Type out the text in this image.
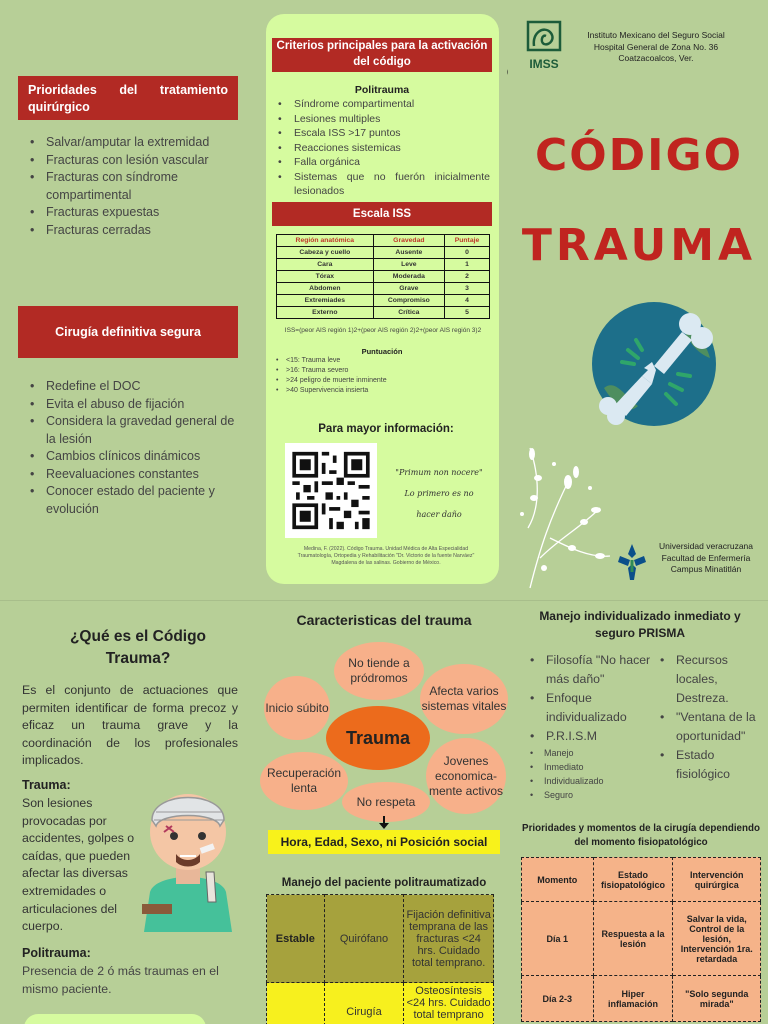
Prioridades del tratamiento quirúrgico
• Salvar/amputar la extremidad
• Fracturas con lesión vascular
• Fracturas con síndrome compartimental
• Fracturas expuestas
• Fracturas cerradas
Cirugía definitiva segura
• Redefine el DOC
• Evita el abuso de fijación
• Considera la gravedad general de la lesión
• Cambios clínicos dinámicos
• Reevaluaciones constantes
• Conocer estado del paciente y evolución
Criterios principales para la activación del código
Politrauma
• Síndrome compartimental
• Lesiones multiples
• Escala ISS >17 puntos
• Reacciones sistemicas
• Falla orgánica
• Sistemas que no fuerón inicialmente lesionados
Escala ISS
Región anatómica	Gravedad	Puntaje
Cabeza y cuello	Ausente	0
Cara	Leve	1
Tórax	Moderada	2
Abdomen	Grave	3
Extremiades	Compromiso	4
Externo	Crítica	5
ISS=(peor AIS región 1)2+(peor AIS región 2)2+(peor AIS región 3)2
Puntuación
• <15: Trauma leve
• >16: Trauma severo
• >24 peligro de muerte inminente
• >40 Supervivencia insierta
Para mayor información:
"Primum non nocere"
Lo primero es no
hacer daño
Medina, F. (2022). Código Trauma. Unidad Médica de Alta Especialidad Traumatología, Ortopedia y Rehabilitación "Dr. Victorio de la fuente Narváez" Magdalena de las salinas. Gobierno de México.
IMSS
Instituto Mexicano del Seguro Social
Hospital General de Zona No. 36
Coatzacoalcos, Ver.
CÓDIGO
TRAUMA
Universidad veracruzana
Facultad de Enfermería
Campus Minatitlán
¿Qué es el Código Trauma?
Es el conjunto de actuaciones que permiten identificar de forma precoz y eficaz un trauma grave y la coordinación de los profesionales implicados.
Trauma:
Son lesiones provocadas por accidentes, golpes o caídas, que pueden afectar las diversas extremidades o articulaciones del cuerpo.
Politrauma:
Presencia de 2 ó más traumas en el mismo paciente.
Caracteristicas del trauma
No tiende a pródromos
Afecta varios sistemas vitales
Inicio súbito
Trauma
Jovenes economica-mente activos
Recuperación lenta
No respeta
Hora, Edad, Sexo, ni Posición social
Manejo del paciente politraumatizado
Estable	Quirófano	Fijación definitiva temprana de las fracturas <24 hrs. Cuidado total temprano.
	Cirugía	Osteosíntesis <24 hrs. Cuidado total temprano
Manejo individualizado inmediato y seguro PRISMA
• Filosofía "No hacer más daño"
• Enfoque individualizado
• P.R.I.S.M
• Manejo
• Inmediato
• Individualizado
• Seguro
• Recursos locales, Destreza.
• "Ventana de la oportunidad"
• Estado fisiológico
Prioridades y momentos de la cirugía dependiendo del momento fisiopatológico
Momento	Estado fisiopatológico	Intervención quirúrgica
Día 1	Respuesta a la lesión	Salvar la vida, Control de la lesión, Intervención 1ra. retardada
Día 2-3	Hiper inflamación	"Solo segunda mirada"
